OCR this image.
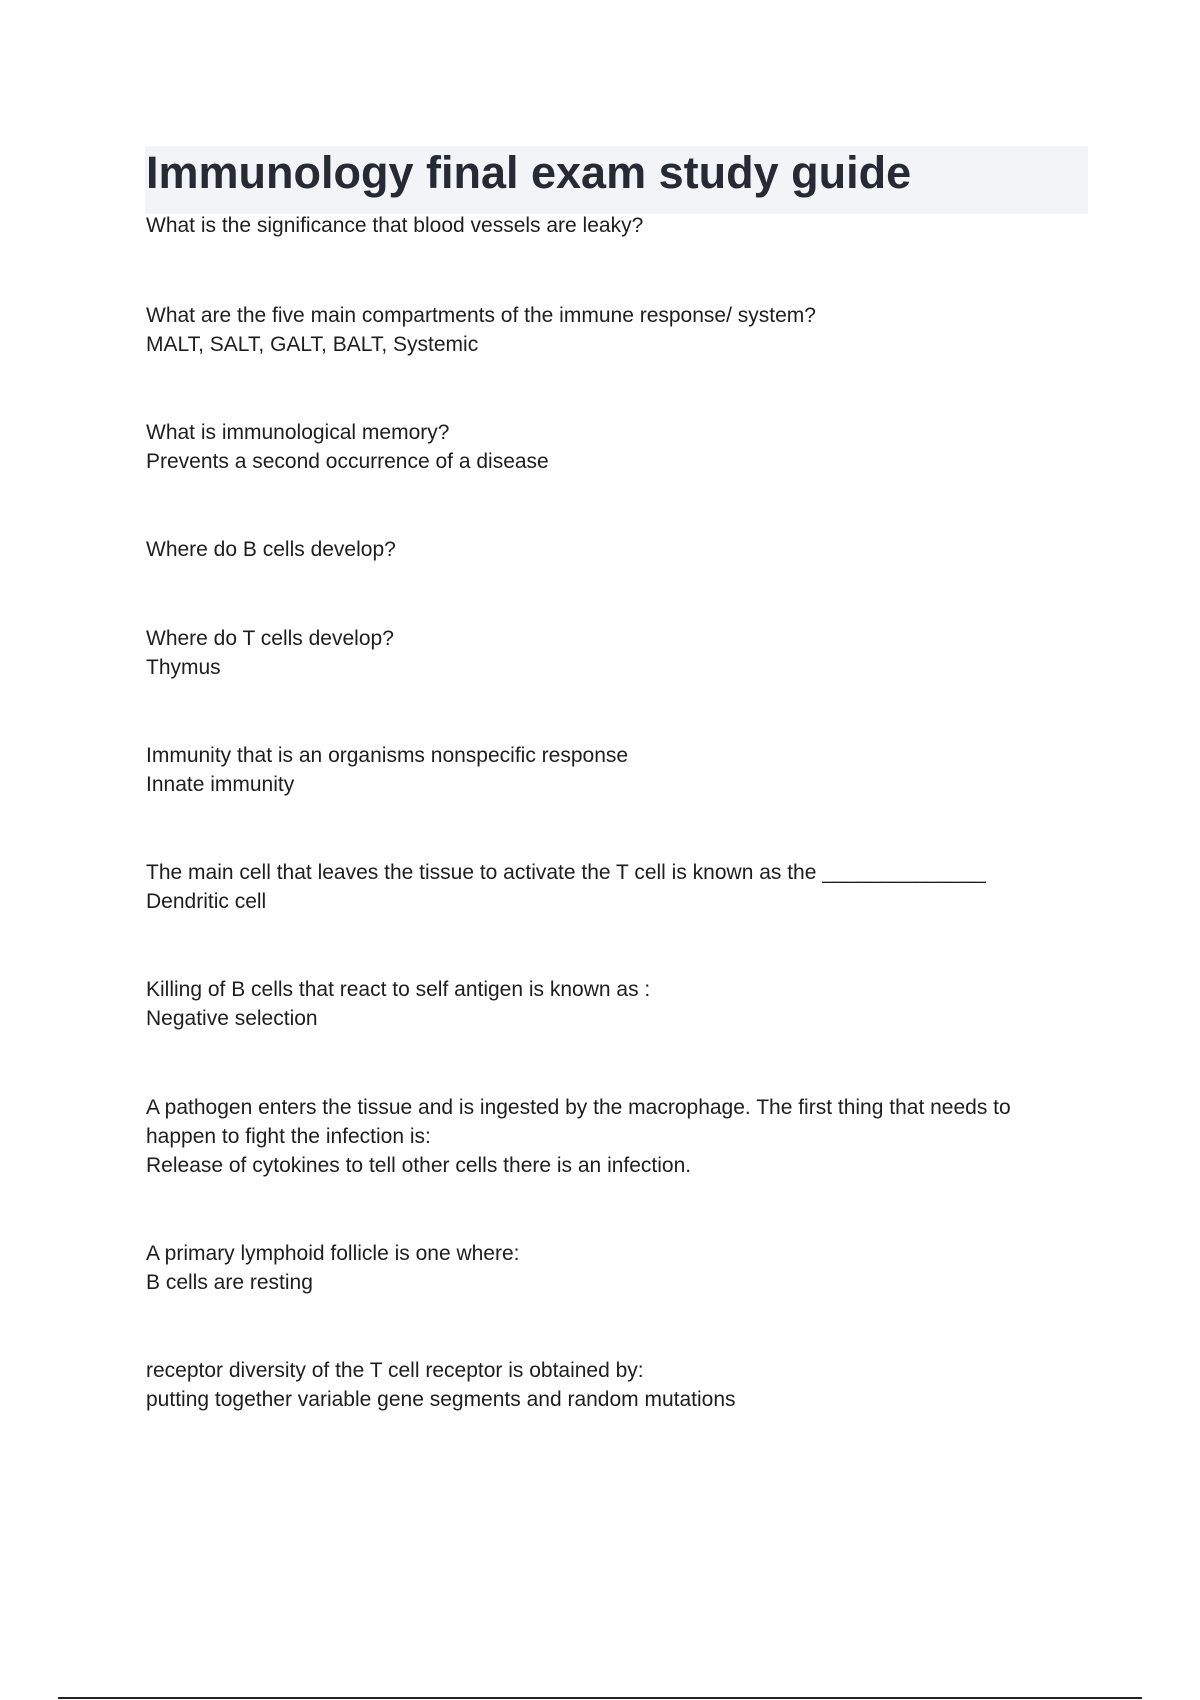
Immunology final exam study guide

What is the significance that blood vessels are leaky?

What are the five main compartments of the immune response/ system?

MALT, SALT, GALT, BALT, Systemic

What is immunological memory?

Prevents a second occurrence of a disease

Where do B cells develop?

Where do T cells develop?

Thymus

Immunity that is an organisms nonspecific response

Innate immunity

The main cell that leaves the tissue to activate the T cell is known as the ______________

Dendritic cell

Killing of B cells that react to self antigen is known as :

Negative selection

A pathogen enters the tissue and is ingested by the macrophage. The first thing that needs to happen to fight the infection is:

Release of cytokines to tell other cells there is an infection.

A primary lymphoid follicle is one where:

B cells are resting

receptor diversity of the T cell receptor is obtained by:

putting together variable gene segments and random mutations
